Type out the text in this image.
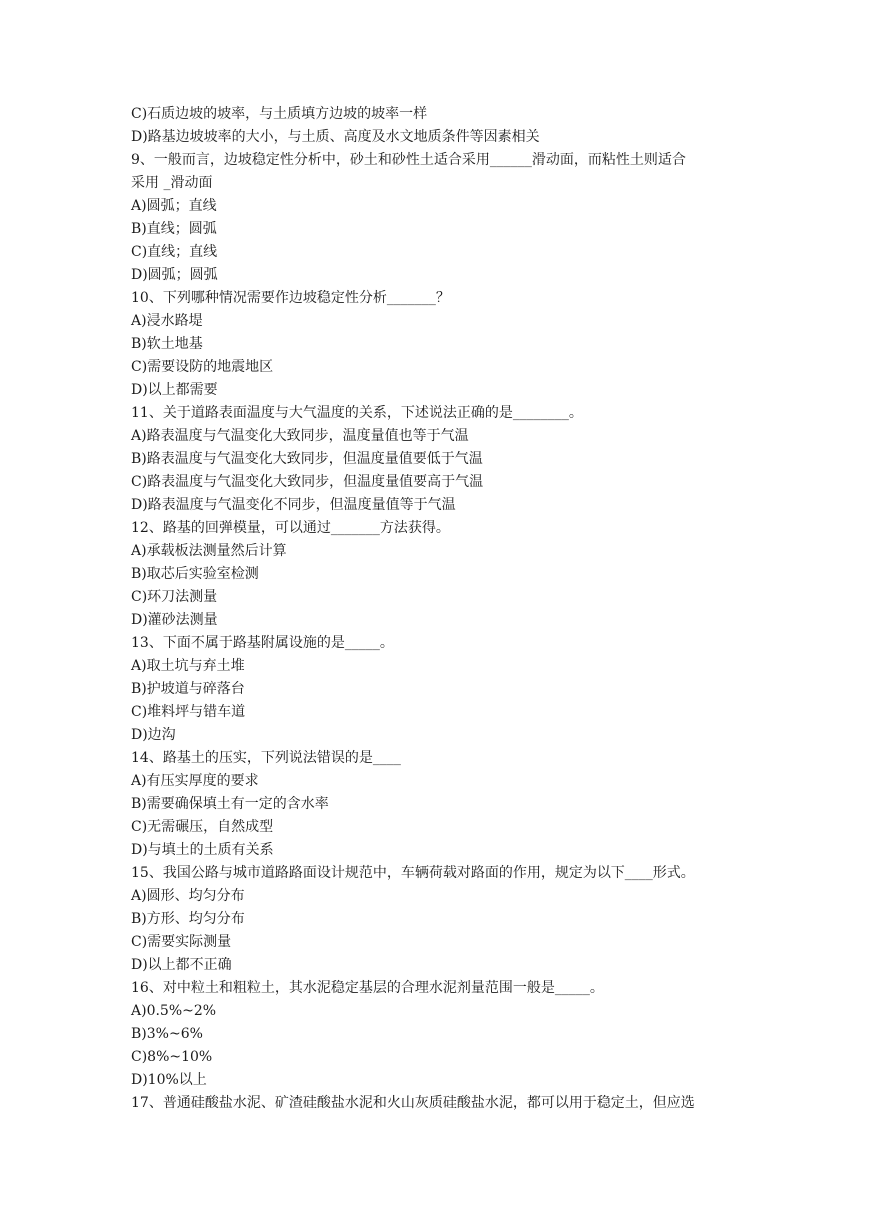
C)石质边坡的坡率，与土质填方边坡的坡率一样
D)路基边坡坡率的大小，与土质、高度及水文地质条件等因素相关
9、一般而言，边坡稳定性分析中，砂土和砂性土适合采用______滑动面，而粘性土则适合
采用 _滑动面
A)圆弧；直线
B)直线；圆弧
C)直线；直线
D)圆弧；圆弧
10、下列哪种情况需要作边坡稳定性分析_______？
A)浸水路堤
B)软土地基
C)需要设防的地震地区
D)以上都需要
11、关于道路表面温度与大气温度的关系，下述说法正确的是________。
A)路表温度与气温变化大致同步，温度量值也等于气温
B)路表温度与气温变化大致同步，但温度量值要低于气温
C)路表温度与气温变化大致同步，但温度量值要高于气温
D)路表温度与气温变化不同步，但温度量值等于气温
12、路基的回弹模量，可以通过_______方法获得。
A)承载板法测量然后计算
B)取芯后实验室检测
C)环刀法测量
D)灌砂法测量
13、下面不属于路基附属设施的是_____。
A)取土坑与弃土堆
B)护坡道与碎落台
C)堆料坪与错车道
D)边沟
14、路基土的压实，下列说法错误的是____
A)有压实厚度的要求
B)需要确保填土有一定的含水率
C)无需碾压，自然成型
D)与填土的土质有关系
15、我国公路与城市道路路面设计规范中，车辆荷载对路面的作用，规定为以下____形式。
A)圆形、均匀分布
B)方形、均匀分布
C)需要实际测量
D)以上都不正确
16、对中粒土和粗粒土，其水泥稳定基层的合理水泥剂量范围一般是_____。
A)0.5%~2%
B)3%~6%
C)8%~10%
D)10%以上
17、普通硅酸盐水泥、矿渣硅酸盐水泥和火山灰质硅酸盐水泥，都可以用于稳定土，但应选
